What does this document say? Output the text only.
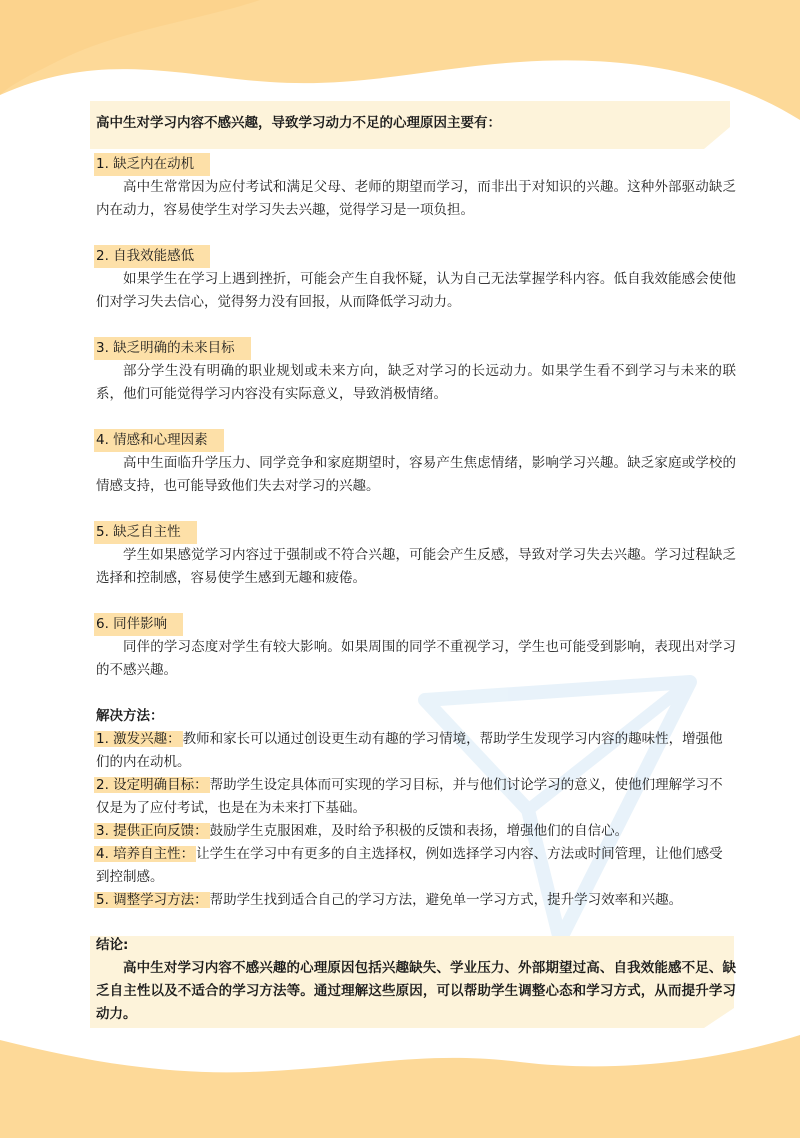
高中生对学习内容不感兴趣，导致学习动力不足的心理原因主要有：
1. 缺乏内在动机

高中生常常因为应付考试和满足父母、老师的期望而学习，而非出于对知识的兴趣。这种外部驱动缺乏内在动力，容易使学生对学习失去兴趣，觉得学习是一项负担。

2. 自我效能感低

如果学生在学习上遇到挫折，可能会产生自我怀疑，认为自己无法掌握学科内容。低自我效能感会使他们对学习失去信心，觉得努力没有回报，从而降低学习动力。

3. 缺乏明确的未来目标

部分学生没有明确的职业规划或未来方向，缺乏对学习的长远动力。如果学生看不到学习与未来的联系，他们可能觉得学习内容没有实际意义，导致消极情绪。

4. 情感和心理因素

高中生面临升学压力、同学竞争和家庭期望时，容易产生焦虑情绪，影响学习兴趣。缺乏家庭或学校的情感支持，也可能导致他们失去对学习的兴趣。

5. 缺乏自主性

学生如果感觉学习内容过于强制或不符合兴趣，可能会产生反感，导致对学习失去兴趣。学习过程缺乏选择和控制感，容易使学生感到无趣和疲倦。

6. 同伴影响

同伴的学习态度对学生有较大影响。如果周围的同学不重视学习，学生也可能受到影响，表现出对学习的不感兴趣。

解决方法：

1. 激发兴趣： 教师和家长可以通过创设更生动有趣的学习情境，帮助学生发现学习内容的趣味性，增强他们的内在动机。

2. 设定明确目标： 帮助学生设定具体而可实现的学习目标，并与他们讨论学习的意义，使他们理解学习不仅是为了应付考试，也是在为未来打下基础。

3. 提供正向反馈： 鼓励学生克服困难，及时给予积极的反馈和表扬，增强他们的自信心。

4. 培养自主性： 让学生在学习中有更多的自主选择权，例如选择学习内容、方法或时间管理，让他们感受到控制感。

5. 调整学习方法： 帮助学生找到适合自己的学习方法，避免单一学习方式，提升学习效率和兴趣。

结论:

高中生对学习内容不感兴趣的心理原因包括兴趣缺失、学业压力、外部期望过高、自我效能感不足、缺乏自主性以及不适合的学习方法等。通过理解这些原因，可以帮助学生调整心态和学习方式，从而提升学习动力。
